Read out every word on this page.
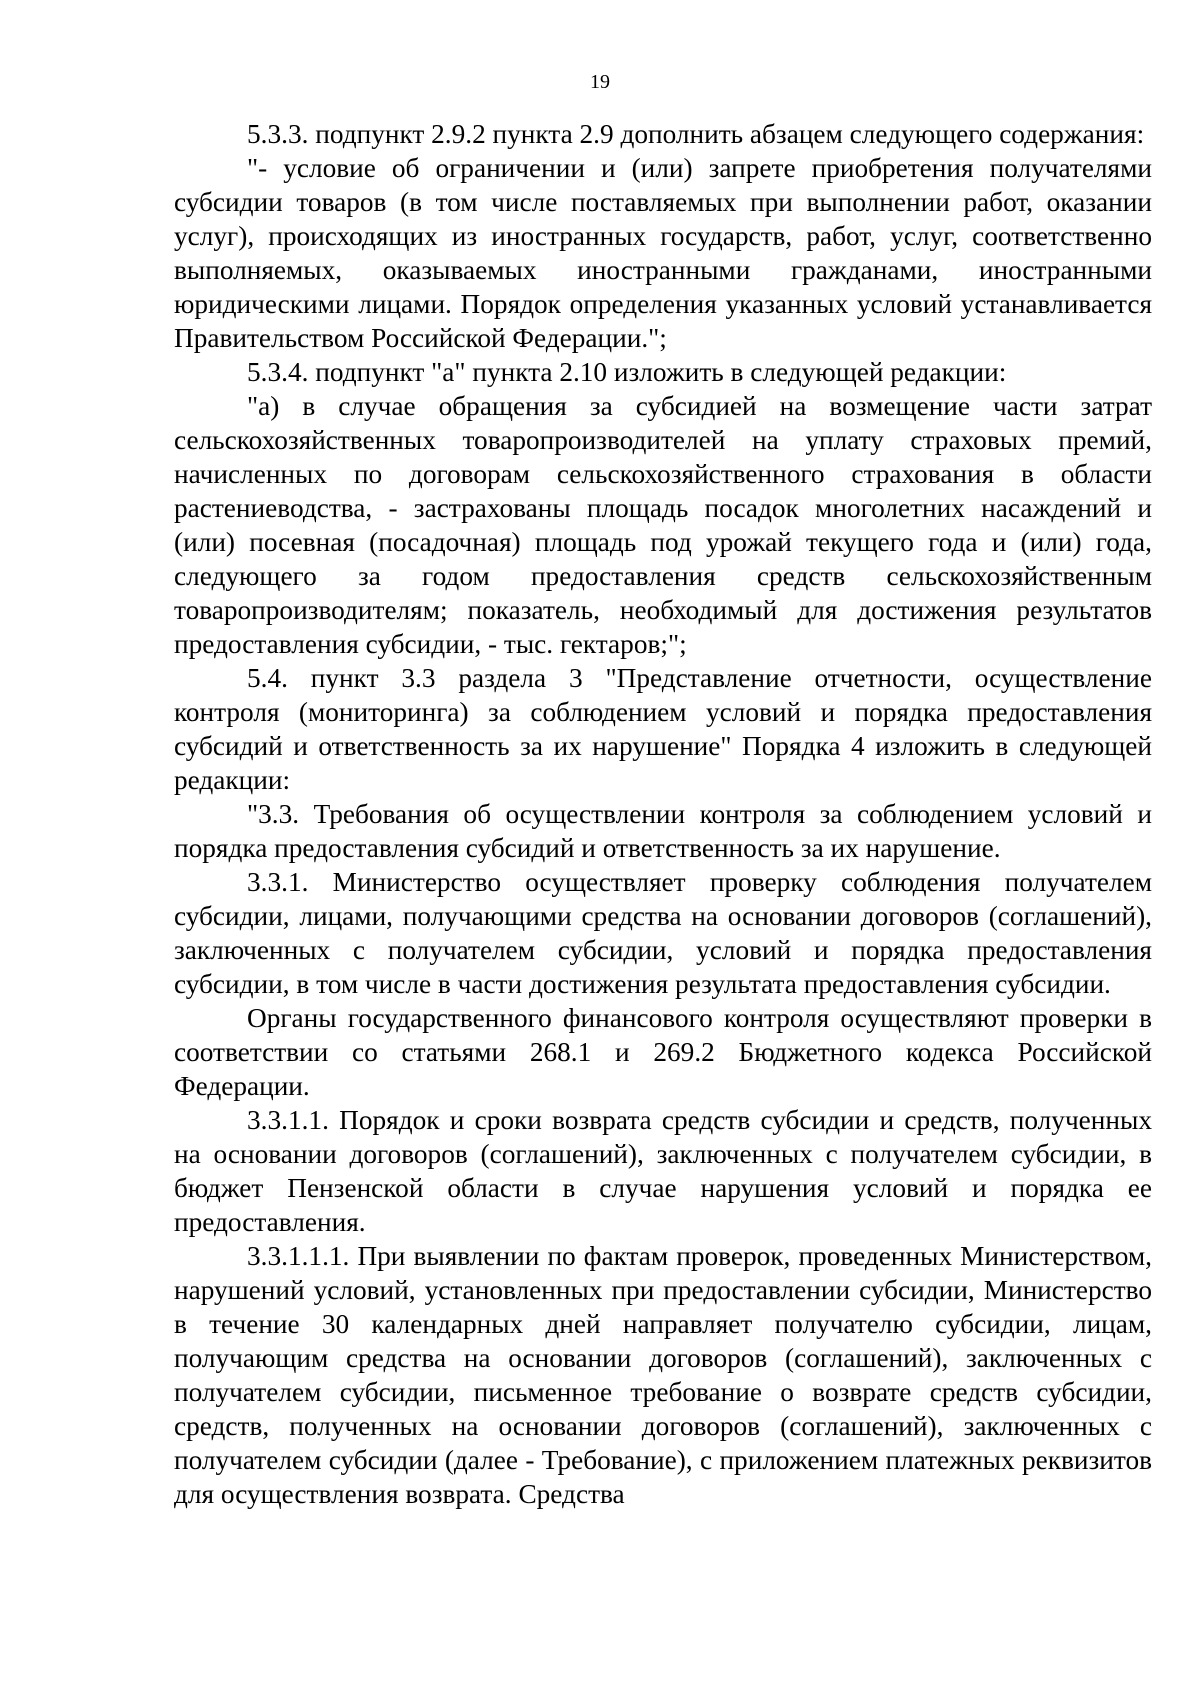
19

5.3.3. подпункт 2.9.2 пункта 2.9 дополнить абзацем следующего содержания:

"- условие об ограничении и (или) запрете приобретения получателями субсидии товаров (в том числе поставляемых при выполнении работ, оказании услуг), происходящих из иностранных государств, работ, услуг, соответственно выполняемых, оказываемых иностранными гражданами, иностранными юридическими лицами. Порядок определения указанных условий устанавливается Правительством Российской Федерации.";

5.3.4. подпункт "а" пункта 2.10 изложить в следующей редакции:

"а) в случае обращения за субсидией на возмещение части затрат сельскохозяйственных товаропроизводителей на уплату страховых премий, начисленных по договорам сельскохозяйственного страхования в области растениеводства, - застрахованы площадь посадок многолетних насаждений и (или) посевная (посадочная) площадь под урожай текущего года и (или) года, следующего за годом предоставления средств сельскохозяйственным товаропроизводителям; показатель, необходимый для достижения результатов предоставления субсидии, - тыс. гектаров;";

5.4. пункт 3.3 раздела 3 "Представление отчетности, осуществление контроля (мониторинга) за соблюдением условий и порядка предоставления субсидий и ответственность за их нарушение" Порядка 4 изложить в следующей редакции:

"3.3. Требования об осуществлении контроля за соблюдением условий и порядка предоставления субсидий и ответственность за их нарушение.

3.3.1. Министерство осуществляет проверку соблюдения получателем субсидии, лицами, получающими средства на основании договоров (соглашений), заключенных с получателем субсидии, условий и порядка предоставления субсидии, в том числе в части достижения результата предоставления субсидии.

Органы государственного финансового контроля осуществляют проверки в соответствии со статьями 268.1 и 269.2 Бюджетного кодекса Российской Федерации.

3.3.1.1. Порядок и сроки возврата средств субсидии и средств, полученных на основании договоров (соглашений), заключенных с получателем субсидии, в бюджет Пензенской области в случае нарушения условий и порядка ее предоставления.

3.3.1.1.1. При выявлении по фактам проверок, проведенных Министерством, нарушений условий, установленных при предоставлении субсидии, Министерство в течение 30 календарных дней направляет получателю субсидии, лицам, получающим средства на основании договоров (соглашений), заключенных с получателем субсидии, письменное требование о возврате средств субсидии, средств, полученных на основании договоров (соглашений), заключенных с получателем субсидии (далее - Требование), с приложением платежных реквизитов для осуществления возврата. Средства
